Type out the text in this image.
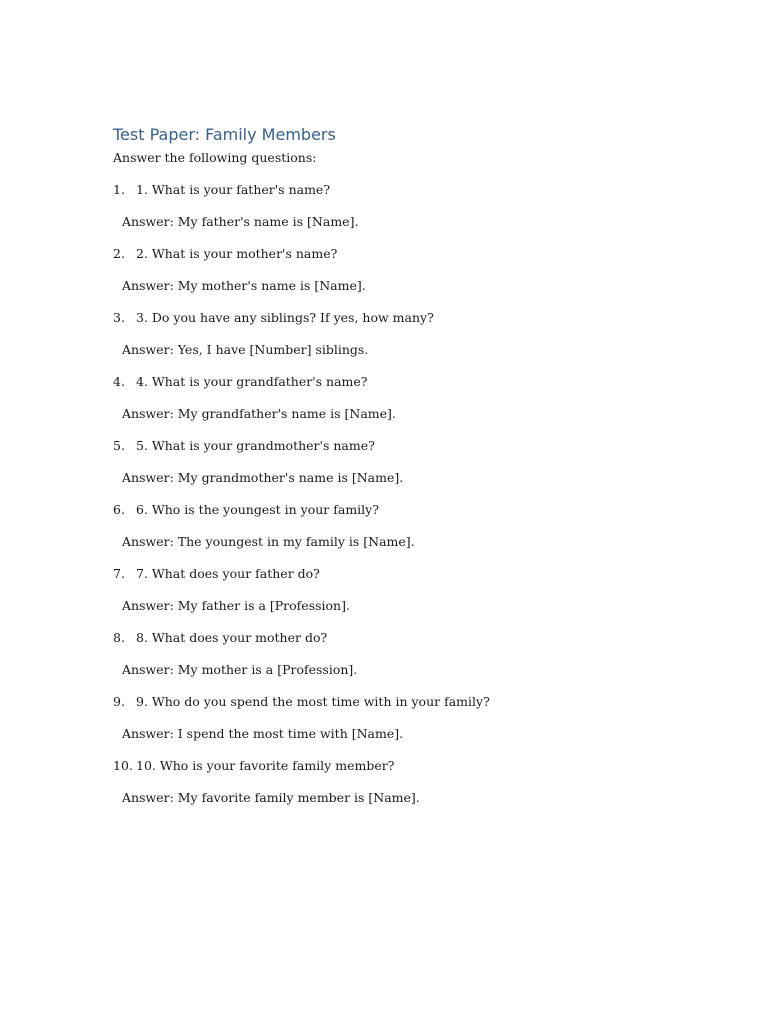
Test Paper: Family Members
Answer the following questions:
1. 1. What is your father's name?
Answer: My father's name is [Name].
2. 2. What is your mother's name?
Answer: My mother's name is [Name].
3. 3. Do you have any siblings? If yes, how many?
Answer: Yes, I have [Number] siblings.
4. 4. What is your grandfather's name?
Answer: My grandfather's name is [Name].
5. 5. What is your grandmother's name?
Answer: My grandmother's name is [Name].
6. 6. Who is the youngest in your family?
Answer: The youngest in my family is [Name].
7. 7. What does your father do?
Answer: My father is a [Profession].
8. 8. What does your mother do?
Answer: My mother is a [Profession].
9. 9. Who do you spend the most time with in your family?
Answer: I spend the most time with [Name].
10. 10. Who is your favorite family member?
Answer: My favorite family member is [Name].
